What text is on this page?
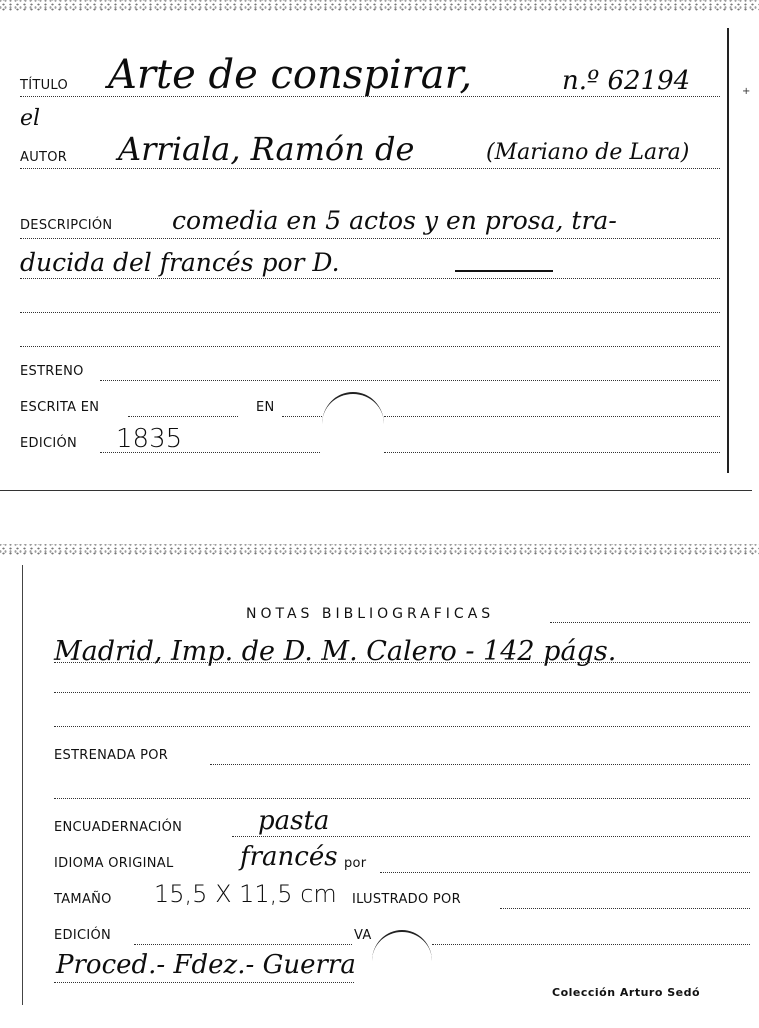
TÍTULO Arte de conspirar,	n.º 62194
el
AUTOR Arriala, Ramón de	(Mariano de Lara)
DESCRIPCIÓN comedia en 5 actos y en prosa, tra-
ducida del francés por D.
ESTRENO
ESCRITA EN	EN
EDICIÓN 1835
+
NOTAS BIBLIOGRAFICAS
Madrid, Imp. de D. M. Calero - 142 págs.
ESTRENADA POR
ENCUADERNACIÓN	pasta
IDIOMA ORIGINAL	francés por
TAMAÑO 15,5 X 11,5 cm ILUSTRADO POR
EDICIÓN	VA
Proced.- Fdez.- Guerra
Colección Arturo Sedó
